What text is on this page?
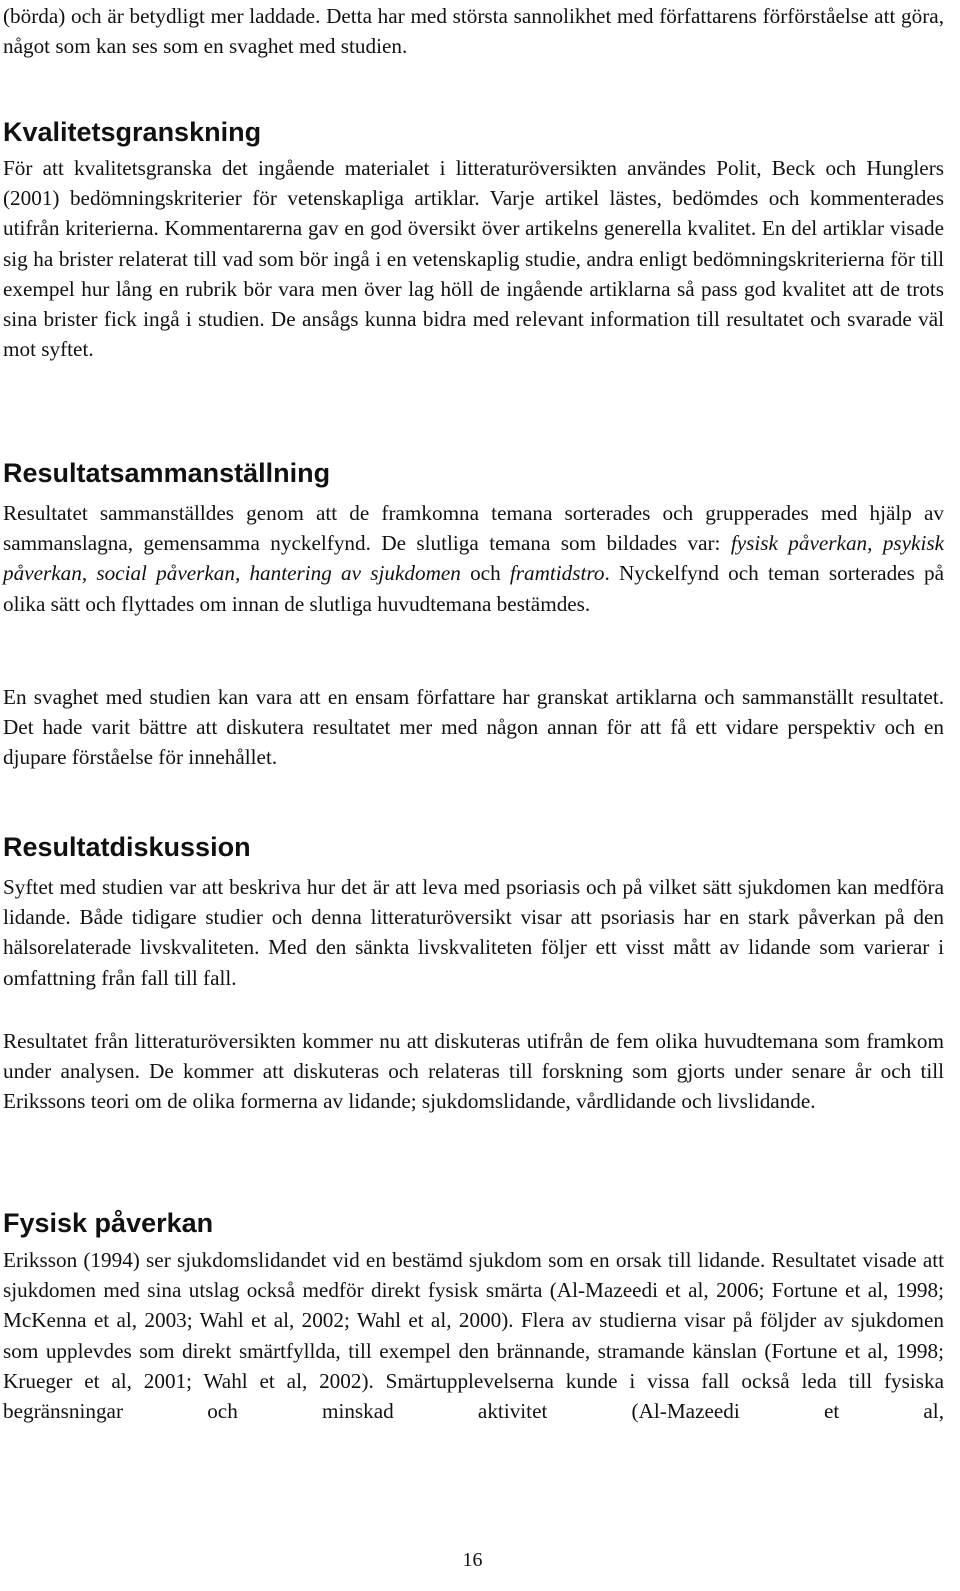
(börda) och är betydligt mer laddade. Detta har med största sannolikhet med författarens förförståelse att göra, något som kan ses som en svaghet med studien.

Kvalitetsgranskning

För att kvalitetsgranska det ingående materialet i litteraturöversikten användes Polit, Beck och Hunglers (2001) bedömningskriterier för vetenskapliga artiklar. Varje artikel lästes, bedömdes och kommenterades utifrån kriterierna. Kommentarerna gav en god översikt över artikelns generella kvalitet. En del artiklar visade sig ha brister relaterat till vad som bör ingå i en vetenskaplig studie, andra enligt bedömningskriterierna för till exempel hur lång en rubrik bör vara men över lag höll de ingående artiklarna så pass god kvalitet att de trots sina brister fick ingå i studien. De ansågs kunna bidra med relevant information till resultatet och svarade väl mot syftet.

Resultatsammanställning

Resultatet sammanställdes genom att de framkomna temana sorterades och grupperades med hjälp av sammanslagna, gemensamma nyckelfynd. De slutliga temana som bildades var: fysisk påverkan, psykisk påverkan, social påverkan, hantering av sjukdomen och framtidstro. Nyckelfynd och teman sorterades på olika sätt och flyttades om innan de slutliga huvudtemana bestämdes.

En svaghet med studien kan vara att en ensam författare har granskat artiklarna och sammanställt resultatet. Det hade varit bättre att diskutera resultatet mer med någon annan för att få ett vidare perspektiv och en djupare förståelse för innehållet.

Resultatdiskussion

Syftet med studien var att beskriva hur det är att leva med psoriasis och på vilket sätt sjukdomen kan medföra lidande. Både tidigare studier och denna litteraturöversikt visar att psoriasis har en stark påverkan på den hälsorelaterade livskvaliteten. Med den sänkta livskvaliteten följer ett visst mått av lidande som varierar i omfattning från fall till fall.

Resultatet från litteraturöversikten kommer nu att diskuteras utifrån de fem olika huvudtemana som framkom under analysen. De kommer att diskuteras och relateras till forskning som gjorts under senare år och till Erikssons teori om de olika formerna av lidande; sjukdomslidande, vårdlidande och livslidande.

Fysisk påverkan

Eriksson (1994) ser sjukdomslidandet vid en bestämd sjukdom som en orsak till lidande. Resultatet visade att sjukdomen med sina utslag också medför direkt fysisk smärta (Al-Mazeedi et al, 2006; Fortune et al, 1998; McKenna et al, 2003; Wahl et al, 2002; Wahl et al, 2000). Flera av studierna visar på följder av sjukdomen som upplevdes som direkt smärtfyllda, till exempel den brännande, stramande känslan (Fortune et al, 1998; Krueger et al, 2001; Wahl et al, 2002). Smärtupplevelserna kunde i vissa fall också leda till fysiska begränsningar och minskad aktivitet (Al-Mazeedi et al,

16
